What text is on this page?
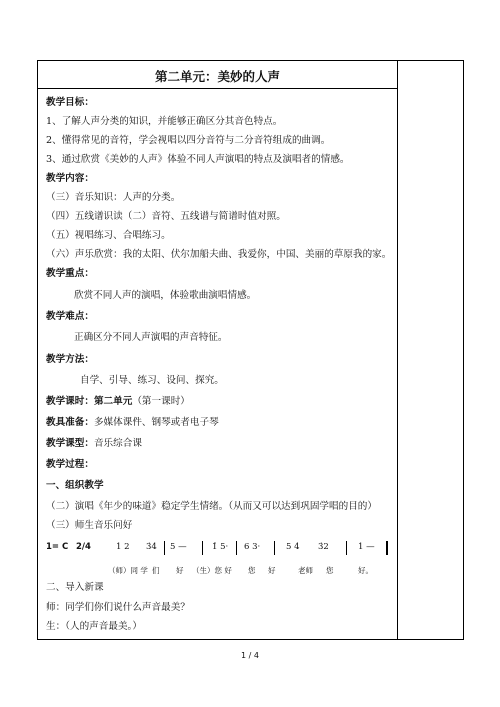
第二单元：美妙的人声
教学目标：
1、了解人声分类的知识，并能够正确区分其音色特点。
2、懂得常见的音符，学会视唱以四分音符与二分音符组成的曲调。
3、通过欣赏《美妙的人声》体验不同人声演唱的特点及演唱者的情感。
教学内容：
（三）音乐知识：人声的分类。
（四）五线谱识读（二）音符、五线谱与简谱时值对照。
（五）视唱练习、合唱练习。
（六）声乐欣赏：我的太阳、伏尔加船夫曲、我爱你，中国、美丽的草原我的家。
教学重点：
欣赏不同人声的演唱，体验歌曲演唱情感。
教学难点：
正确区分不同人声演唱的声音特征。
教学方法：
自学、引导、练习、设问、探究。
教学课时：第二单元（第一课时）
教具准备：多媒体课件、钢琴或者电子琴
教学课型：音乐综合课
教学过程：
一、组织教学
（二）演唱《年少的味道》稳定学生情绪。（从而又可以达到巩固学唱的目的）
（三）师生音乐问好
1= C 2/4	1 2 3̇4 5 —	1̇ 5· 6 3·	5 4 3̇2	1 —
（师）同 学 们 好 （生）您 好 您 好	老师 您	好。
二、导入新课
师：同学们你们说什么声音最美？
生：（人的声音最美。）
1 / 4
